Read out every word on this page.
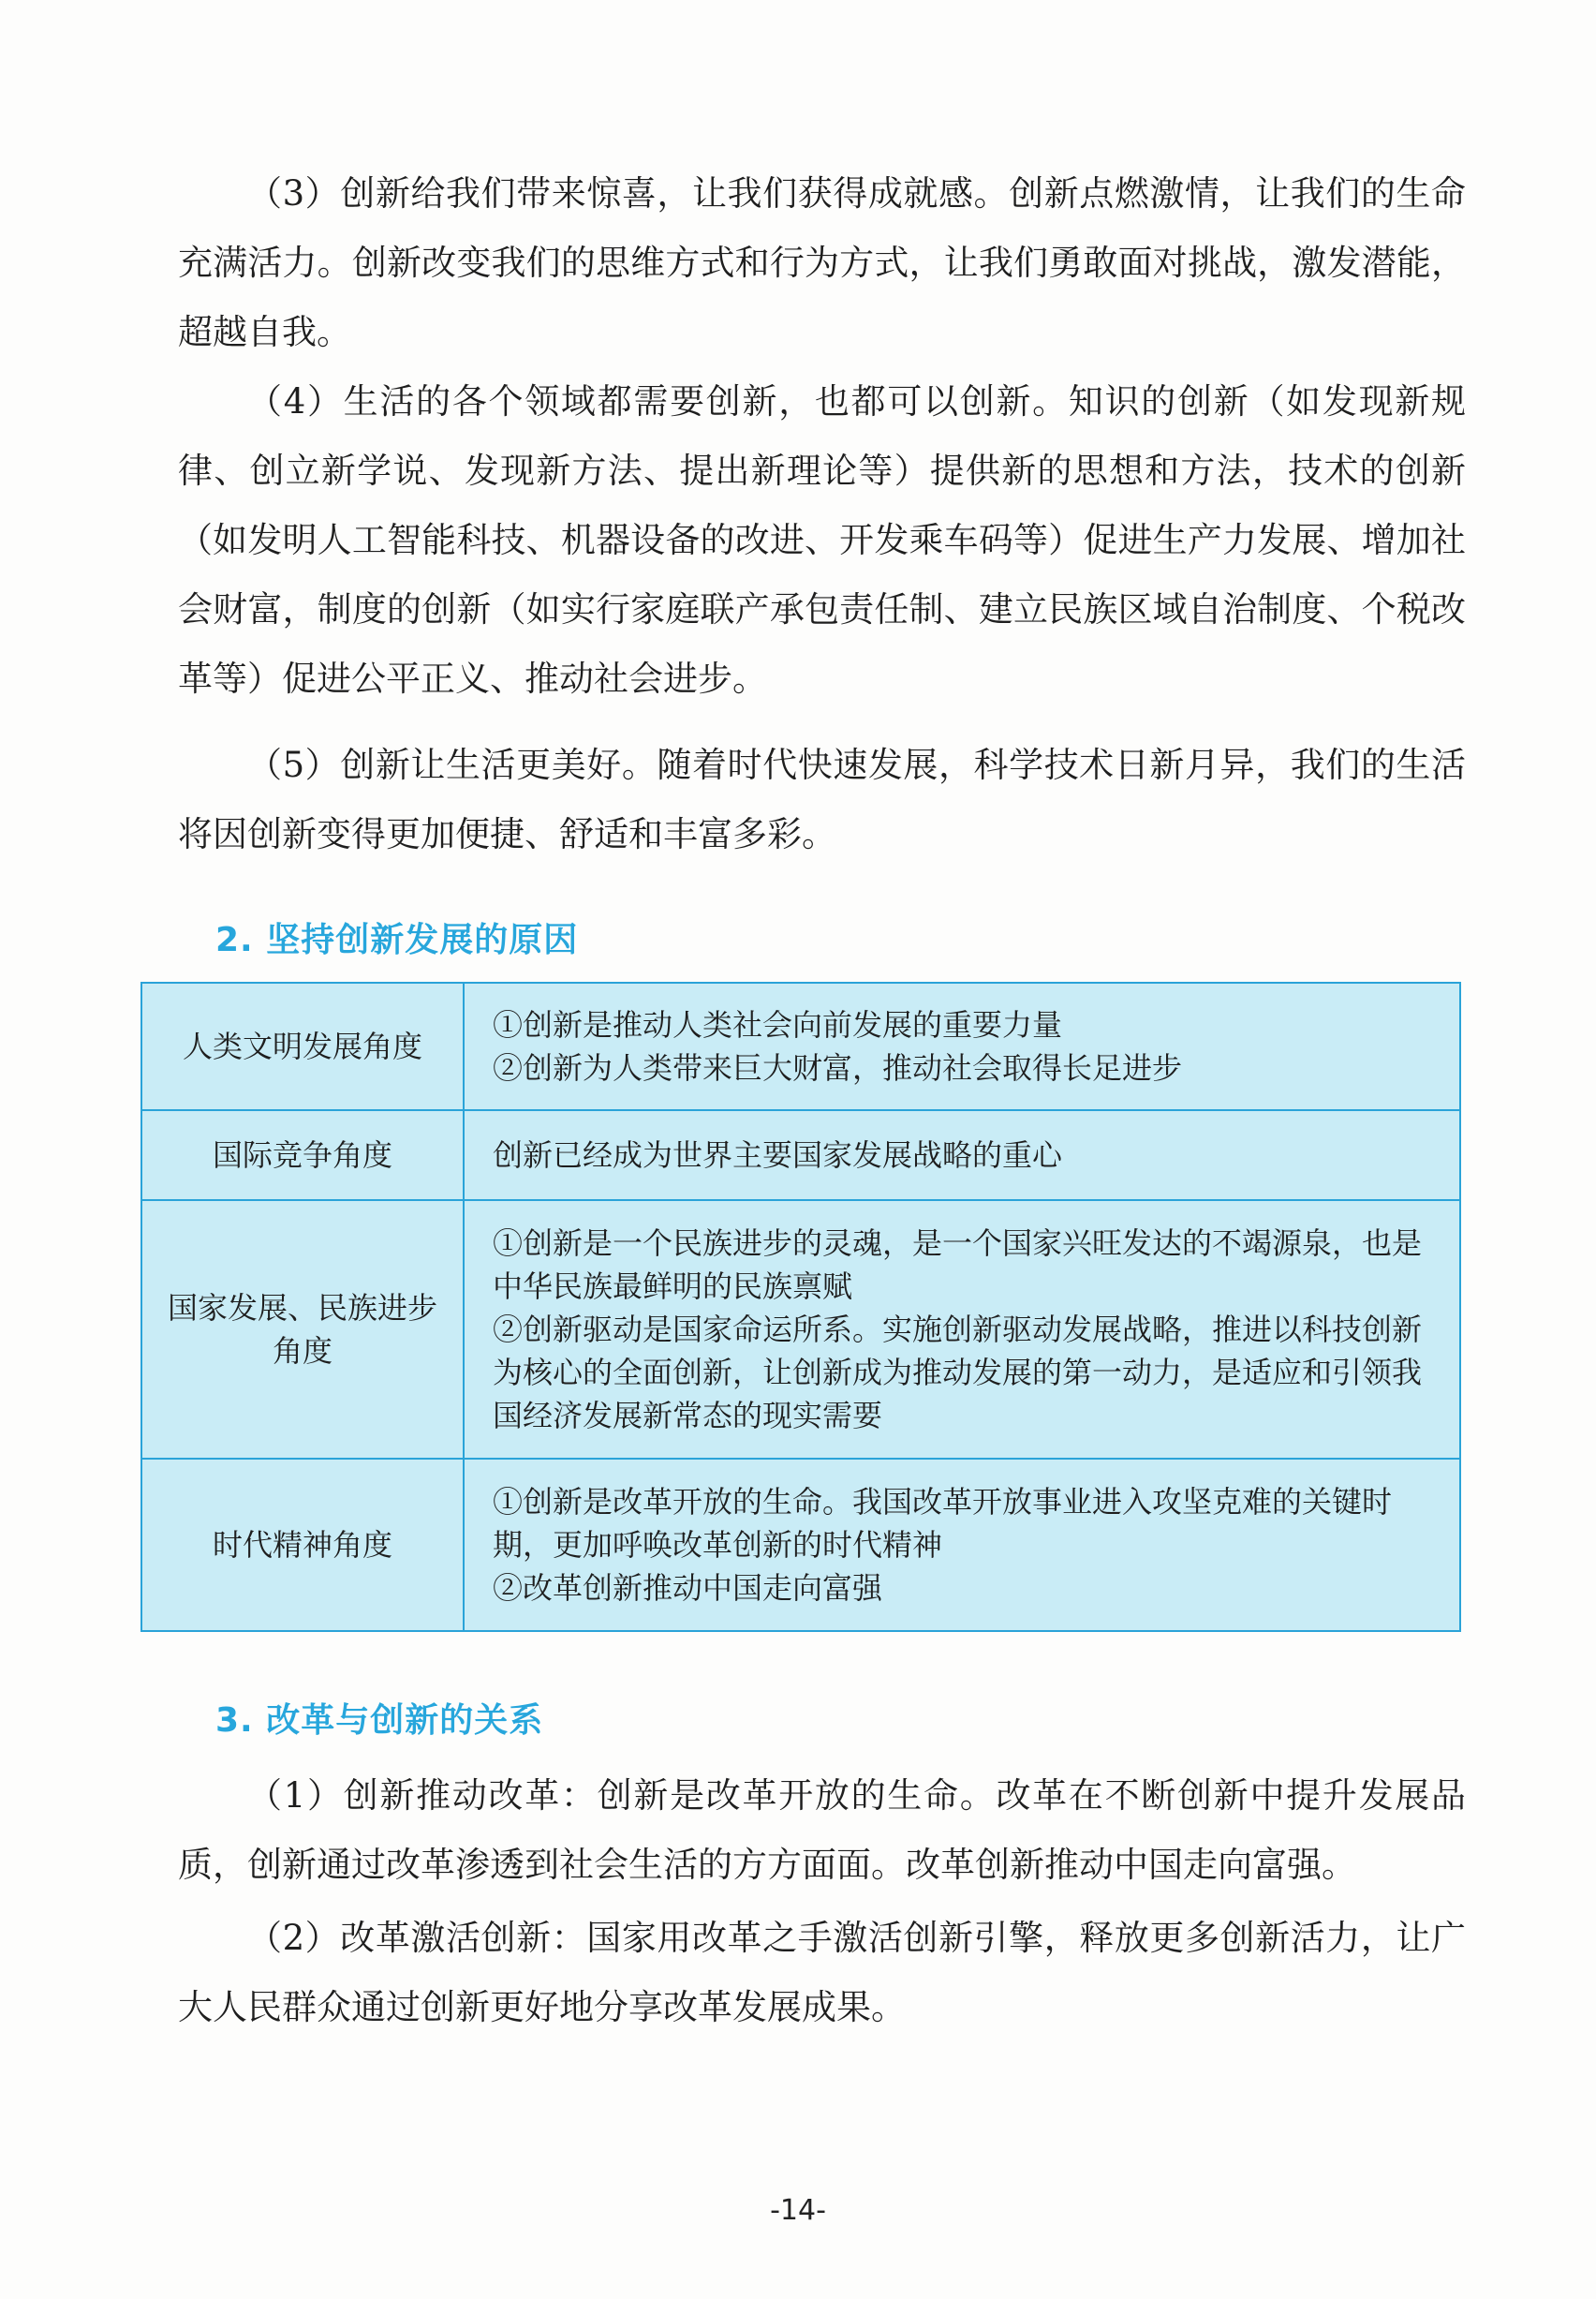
（3）创新给我们带来惊喜，让我们获得成就感。创新点燃激情，让我们的生命充满活力。创新改变我们的思维方式和行为方式，让我们勇敢面对挑战，激发潜能，超越自我。

（4）生活的各个领域都需要创新，也都可以创新。知识的创新（如发现新规律、创立新学说、发现新方法、提出新理论等）提供新的思想和方法，技术的创新（如发明人工智能科技、机器设备的改进、开发乘车码等）促进生产力发展、增加社会财富，制度的创新（如实行家庭联产承包责任制、建立民族区域自治制度、个税改革等）促进公平正义、推动社会进步。

（5）创新让生活更美好。随着时代快速发展，科学技术日新月异，我们的生活将因创新变得更加便捷、舒适和丰富多彩。

2. 坚持创新发展的原因
人类文明发展角度	①创新是推动人类社会向前发展的重要力量
②创新为人类带来巨大财富，推动社会取得长足进步

国际竞争角度	创新已经成为世界主要国家发展战略的重心

国家发展、民族进步角度	①创新是一个民族进步的灵魂，是一个国家兴旺发达的不竭源泉，也是中华民族最鲜明的民族禀赋
②创新驱动是国家命运所系。实施创新驱动发展战略，推进以科技创新为核心的全面创新，让创新成为推动发展的第一动力，是适应和引领我国经济发展新常态的现实需要

时代精神角度	①创新是改革开放的生命。我国改革开放事业进入攻坚克难的关键时期，更加呼唤改革创新的时代精神
②改革创新推动中国走向富强
3. 改革与创新的关系

（1）创新推动改革：创新是改革开放的生命。改革在不断创新中提升发展品质，创新通过改革渗透到社会生活的方方面面。改革创新推动中国走向富强。

（2）改革激活创新：国家用改革之手激活创新引擎，释放更多创新活力，让广大人民群众通过创新更好地分享改革发展成果。

-14-
